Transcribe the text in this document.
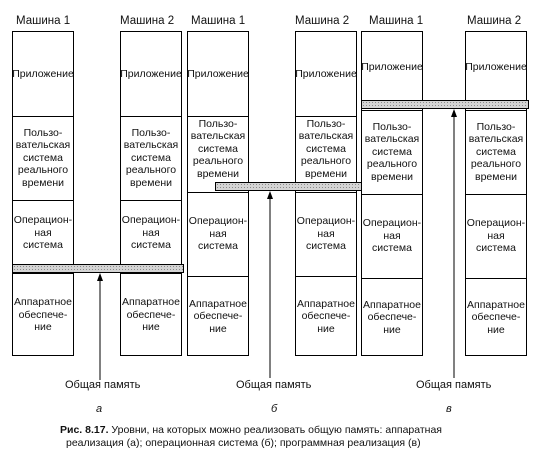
Машина 1	Машина 2
Приложение
Пользо-
вательская
система
реального
времени
Операцион-
ная
система
Аппаратное
обеспече-
ние
Приложение
Пользо-
вательская
система
реального
времени
Операцион-
ная
система
Аппаратное
обеспече-
ние
Общая память
а
Машина 1	Машина 2
Приложение
Пользо-
вательская
система
реального
времени
Операцион-
ная
система
Аппаратное
обеспече-
ние
Приложение
Пользо-
вательская
система
реального
времени
Операцион-
ная
система
Аппаратное
обеспече-
ние
Общая память
б
Машина 1	Машина 2
Приложение
Пользо-
вательская
система
реального
времени
Операцион-
ная
система
Аппаратное
обеспече-
ние
Приложение
Пользо-
вательская
система
реального
времени
Операцион-
ная
система
Аппаратное
обеспече-
ние
Общая память
в
Рис. 8.17. Уровни, на которых можно реализовать общую память: аппаратная
реализация (а); операционная система (б); программная реализация (в)
